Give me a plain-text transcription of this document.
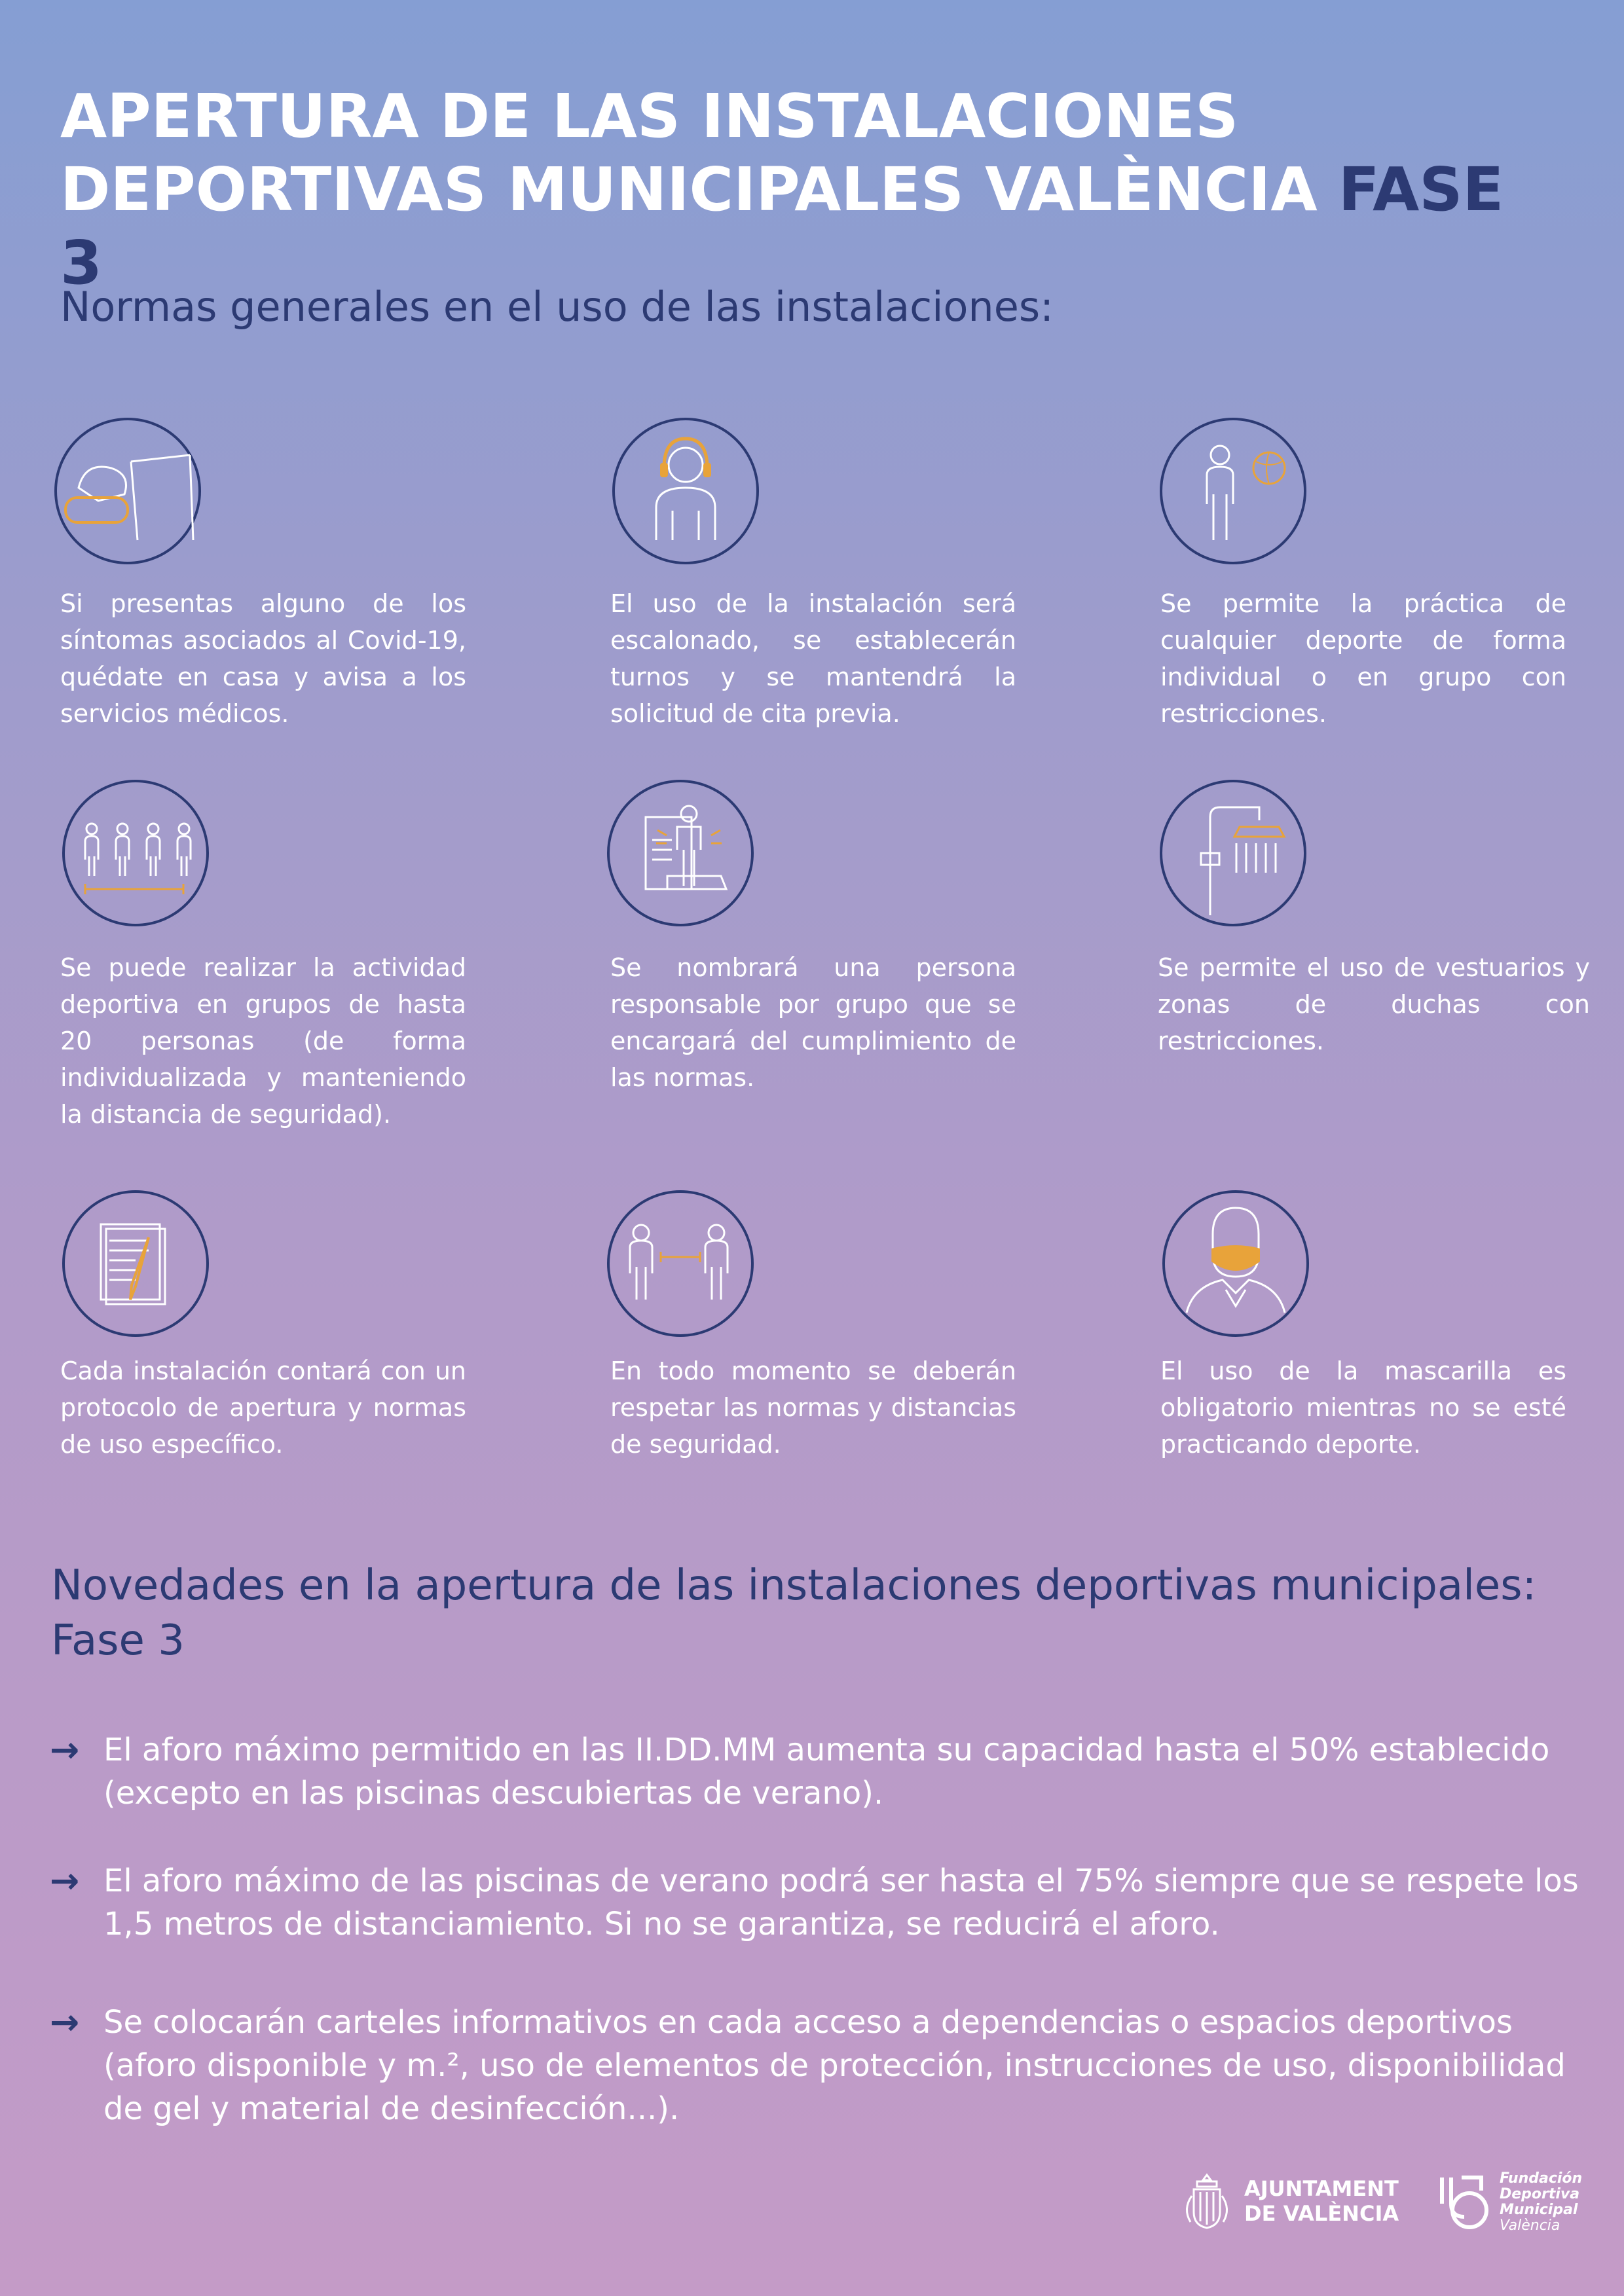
APERTURA DE LAS INSTALACIONES DEPORTIVAS MUNICIPALES VALÈNCIA FASE 3
Normas generales en el uso de las instalaciones:

Si presentas alguno de los síntomas asociados al Covid-19, quédate en casa y avisa a los servicios médicos.

El uso de la instalación será escalonado, se establecerán turnos y se mantendrá la solicitud de cita previa.

Se permite la práctica de cualquier deporte de forma individual o en grupo con restricciones.

Se puede realizar la actividad deportiva en grupos de hasta 20 personas (de forma individualizada y manteniendo la distancia de seguridad).

Se nombrará una persona responsable por grupo que se encargará del cumplimiento de las normas.

Se permite el uso de vestuarios y zonas de duchas con restricciones.

Cada instalación contará con un protocolo de apertura y normas de uso específico.

En todo momento se deberán respetar las normas y distancias de seguridad.

El uso de la mascarilla es obligatorio mientras no se esté practicando deporte.

Novedades en la apertura de las instalaciones deportivas municipales: Fase 3
→ El aforo máximo permitido en las II.DD.MM aumenta su capacidad hasta el 50% establecido (excepto en las piscinas descubiertas de verano).
→ El aforo máximo de las piscinas de verano podrá ser hasta el 75% siempre que se respete los 1,5 metros de distanciamiento. Si no se garantiza, se reducirá el aforo.
→ Se colocarán carteles informativos en cada acceso a dependencias o espacios deportivos (aforo disponible y m.², uso de elementos de protección, instrucciones de uso, disponibilidad de gel y material de desinfección...).
AJUNTAMENT
DE VALÈNCIA
Fundación
Deportiva
Municipal
València
